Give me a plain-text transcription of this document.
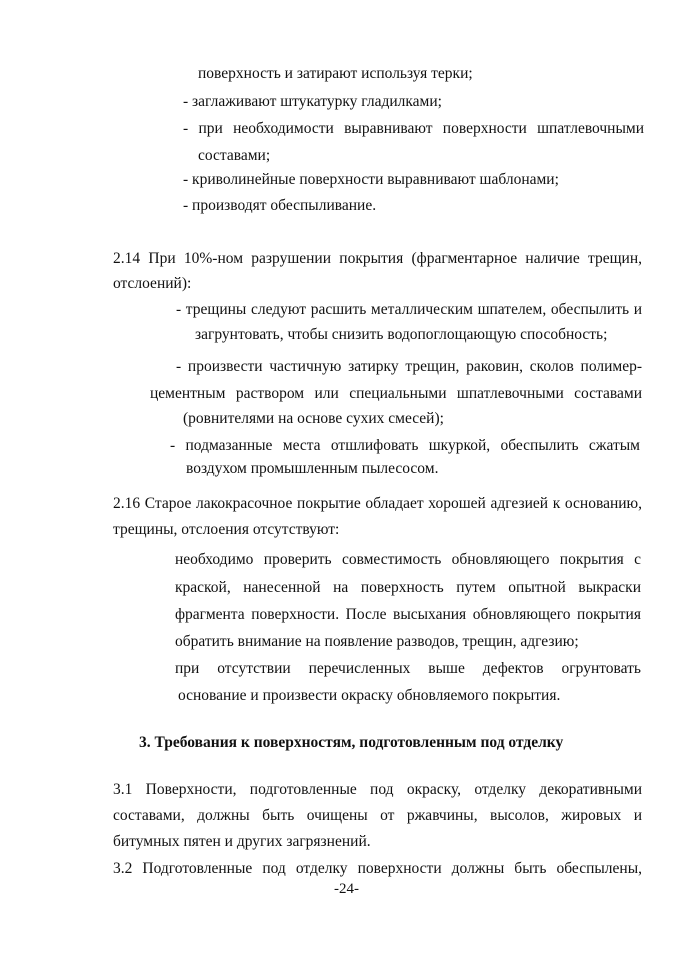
поверхность и затирают используя терки;
- заглаживают штукатурку гладилками;
- при необходимости выравнивают поверхности шпатлевочными
составами;
- криволинейные поверхности выравнивают шаблонами;
- производят обеспыливание.
2.14 При 10%-ном разрушении покрытия (фрагментарное наличие трещин,
отслоений):
- трещины следуют расшить металлическим шпателем, обеспылить и
загрунтовать, чтобы снизить водопоглощающую способность;
- произвести частичную затирку трещин, раковин, сколов полимер-
цементным раствором или специальными шпатлевочными составами
(ровнителями на основе сухих смесей);
- подмазанные места отшлифовать шкуркой, обеспылить сжатым
воздухом промышленным пылесосом.
2.16 Старое лакокрасочное покрытие обладает хорошей адгезией к основанию,
трещины, отслоения отсутствуют:
необходимо проверить совместимость обновляющего покрытия с
краской, нанесенной на поверхность путем опытной выкраски
фрагмента поверхности. После высыхания обновляющего покрытия
обратить внимание на появление разводов, трещин, адгезию;
при отсутствии перечисленных выше дефектов огрунтовать
основание и произвести окраску обновляемого покрытия.
3. Требования к поверхностям, подготовленным под отделку
3.1 Поверхности, подготовленные под окраску, отделку декоративными
составами, должны быть очищены от ржавчины, высолов, жировых и
битумных пятен и других загрязнений.
3.2 Подготовленные под отделку поверхности должны быть обеспылены,
-24-
